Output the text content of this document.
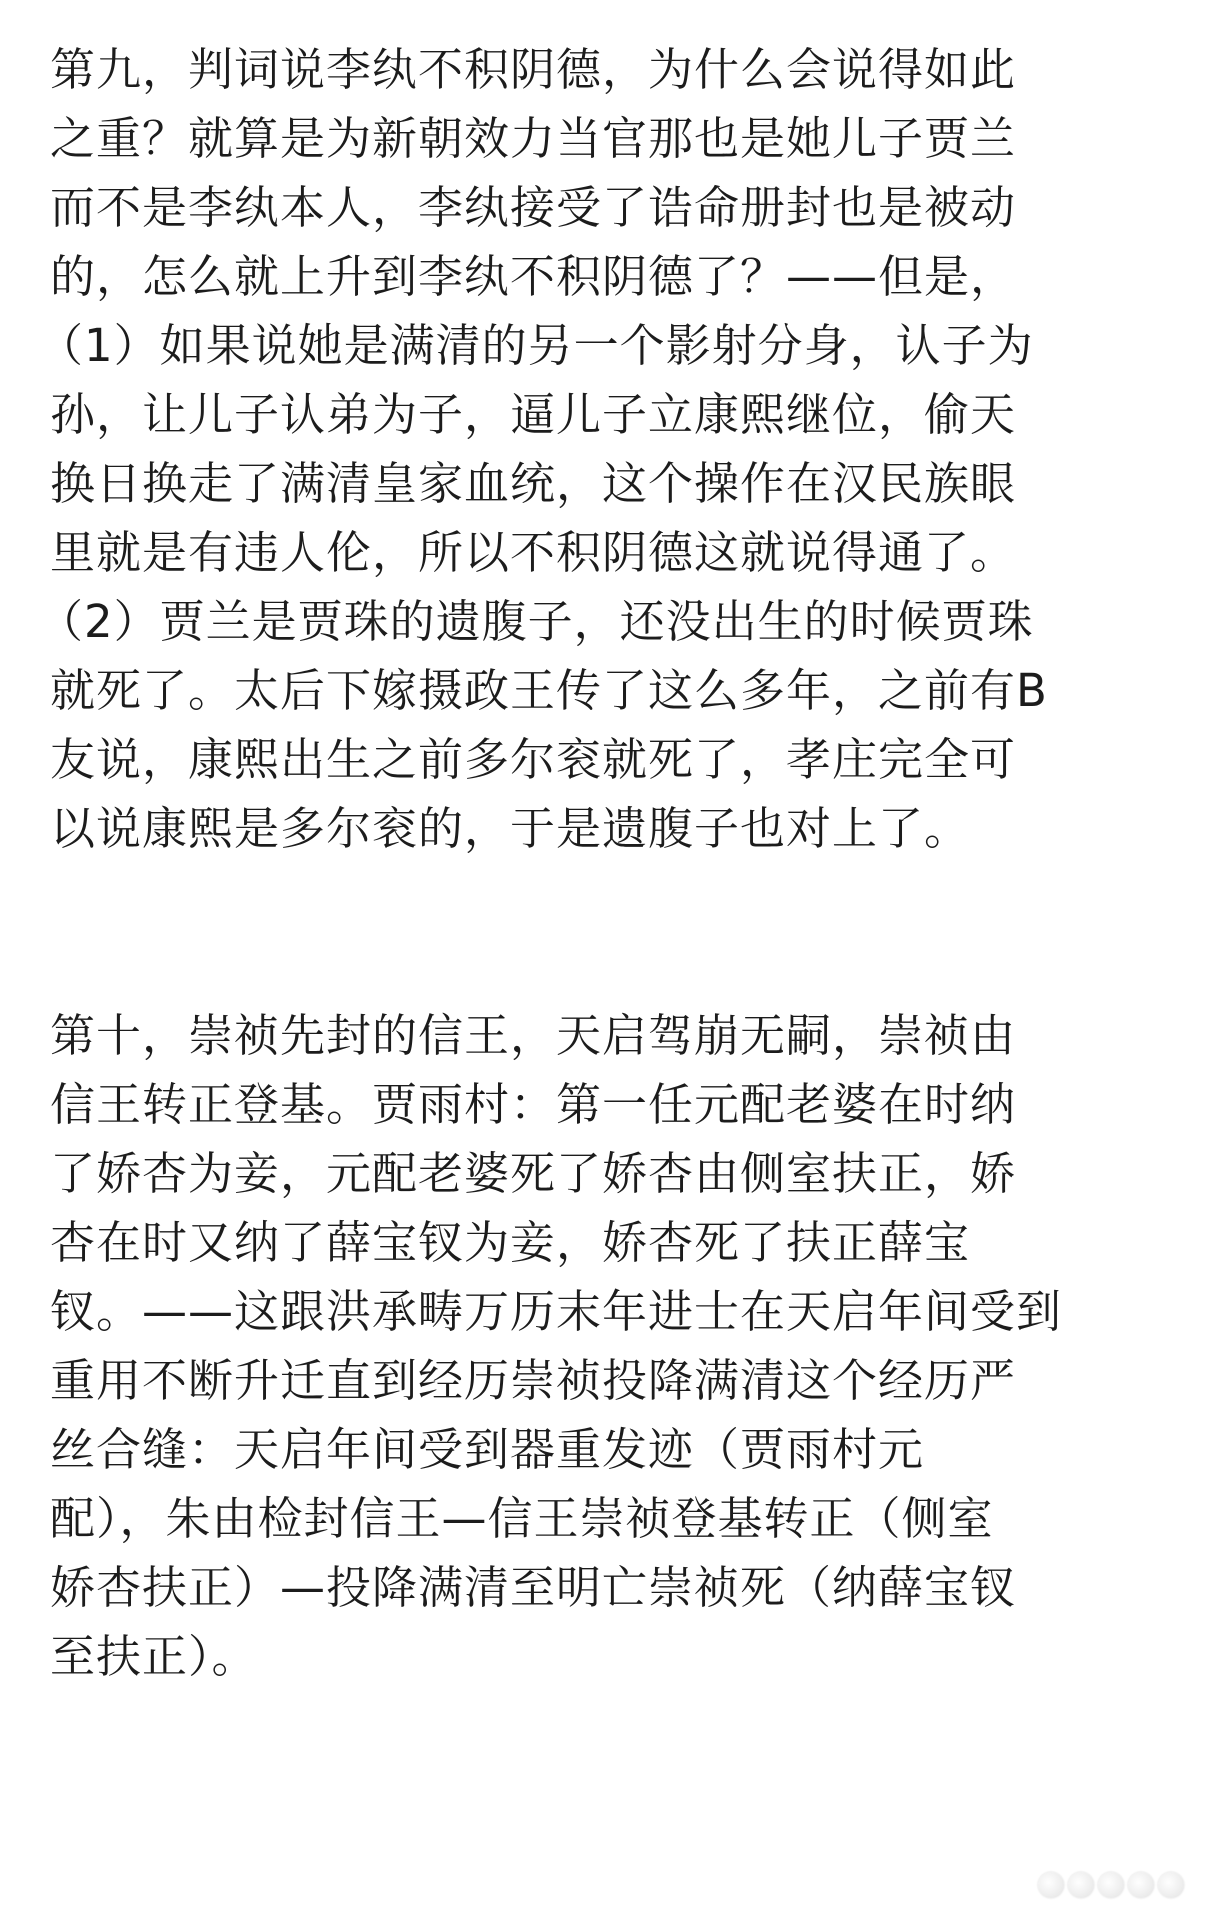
第九，判词说李纨不积阴德，为什么会说得如此
之重？就算是为新朝效力当官那也是她儿子贾兰
而不是李纨本人，李纨接受了诰命册封也是被动
的，怎么就上升到李纨不积阴德了？——但是，
（1）如果说她是满清的另一个影射分身，认子为
孙，让儿子认弟为子，逼儿子立康熙继位，偷天
换日换走了满清皇家血统，这个操作在汉民族眼
里就是有违人伦，所以不积阴德这就说得通了。
（2）贾兰是贾珠的遗腹子，还没出生的时候贾珠
就死了。太后下嫁摄政王传了这么多年，之前有B
友说，康熙出生之前多尔衮就死了，孝庄完全可
以说康熙是多尔衮的，于是遗腹子也对上了。
第十，崇祯先封的信王，天启驾崩无嗣，崇祯由
信王转正登基。贾雨村：第一任元配老婆在时纳
了娇杏为妾，元配老婆死了娇杏由侧室扶正，娇
杏在时又纳了薛宝钗为妾，娇杏死了扶正薛宝
钗。——这跟洪承畴万历末年进士在天启年间受到
重用不断升迁直到经历崇祯投降满清这个经历严
丝合缝：天启年间受到器重发迹（贾雨村元
配），朱由检封信王—信王崇祯登基转正（侧室
娇杏扶正）—投降满清至明亡崇祯死（纳薛宝钗
至扶正）。
